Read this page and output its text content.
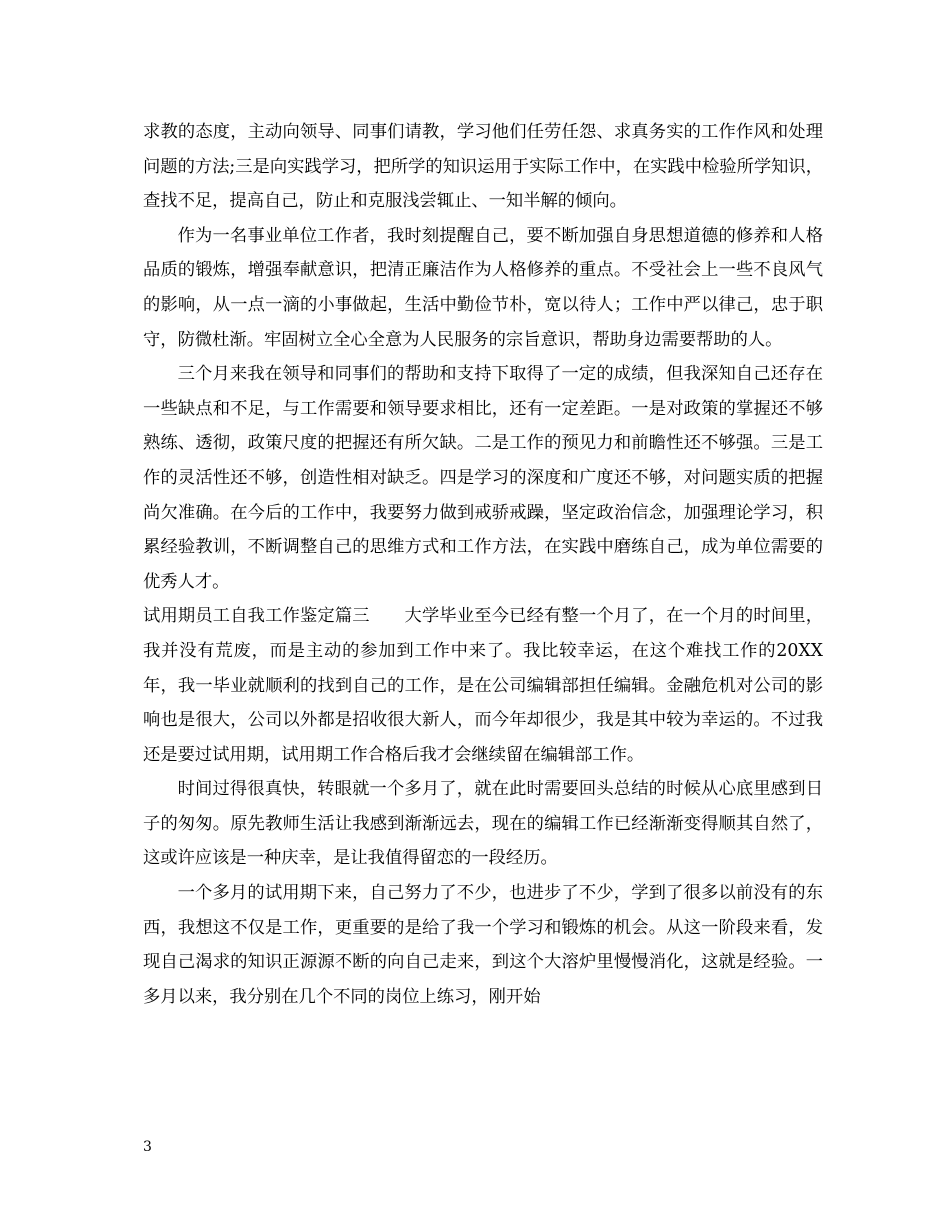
求教的态度，主动向领导、同事们请教，学习他们任劳任怨、求真务实的工作作风和处理问题的方法;三是向实践学习，把所学的知识运用于实际工作中，在实践中检验所学知识，查找不足，提高自己，防止和克服浅尝辄止、一知半解的倾向。

作为一名事业单位工作者，我时刻提醒自己，要不断加强自身思想道德的修养和人格品质的锻炼，增强奉献意识，把清正廉洁作为人格修养的重点。不受社会上一些不良风气的影响，从一点一滴的小事做起，生活中勤俭节朴，宽以待人；工作中严以律己，忠于职守，防微杜渐。牢固树立全心全意为人民服务的宗旨意识，帮助身边需要帮助的人。

三个月来我在领导和同事们的帮助和支持下取得了一定的成绩，但我深知自己还存在一些缺点和不足，与工作需要和领导要求相比，还有一定差距。一是对政策的掌握还不够熟练、透彻，政策尺度的把握还有所欠缺。二是工作的预见力和前瞻性还不够强。三是工作的灵活性还不够，创造性相对缺乏。四是学习的深度和广度还不够，对问题实质的把握尚欠准确。在今后的工作中，我要努力做到戒骄戒躁，坚定政治信念，加强理论学习，积累经验教训，不断调整自己的思维方式和工作方法，在实践中磨练自己，成为单位需要的优秀人才。

试用期员工自我工作鉴定篇三 大学毕业至今已经有整一个月了，在一个月的时间里，我并没有荒废，而是主动的参加到工作中来了。我比较幸运，在这个难找工作的20XX年，我一毕业就顺利的找到自己的工作，是在公司编辑部担任编辑。金融危机对公司的影响也是很大，公司以外都是招收很大新人，而今年却很少，我是其中较为幸运的。不过我还是要过试用期，试用期工作合格后我才会继续留在编辑部工作。

时间过得很真快，转眼就一个多月了，就在此时需要回头总结的时候从心底里感到日子的匆匆。原先教师生活让我感到渐渐远去，现在的编辑工作已经渐渐变得顺其自然了，这或许应该是一种庆幸，是让我值得留恋的一段经历。

一个多月的试用期下来，自己努力了不少，也进步了不少，学到了很多以前没有的东西，我想这不仅是工作，更重要的是给了我一个学习和锻炼的机会。从这一阶段来看，发现自己渴求的知识正源源不断的向自己走来，到这个大溶炉里慢慢消化，这就是经验。一多月以来，我分别在几个不同的岗位上练习，刚开始

3
